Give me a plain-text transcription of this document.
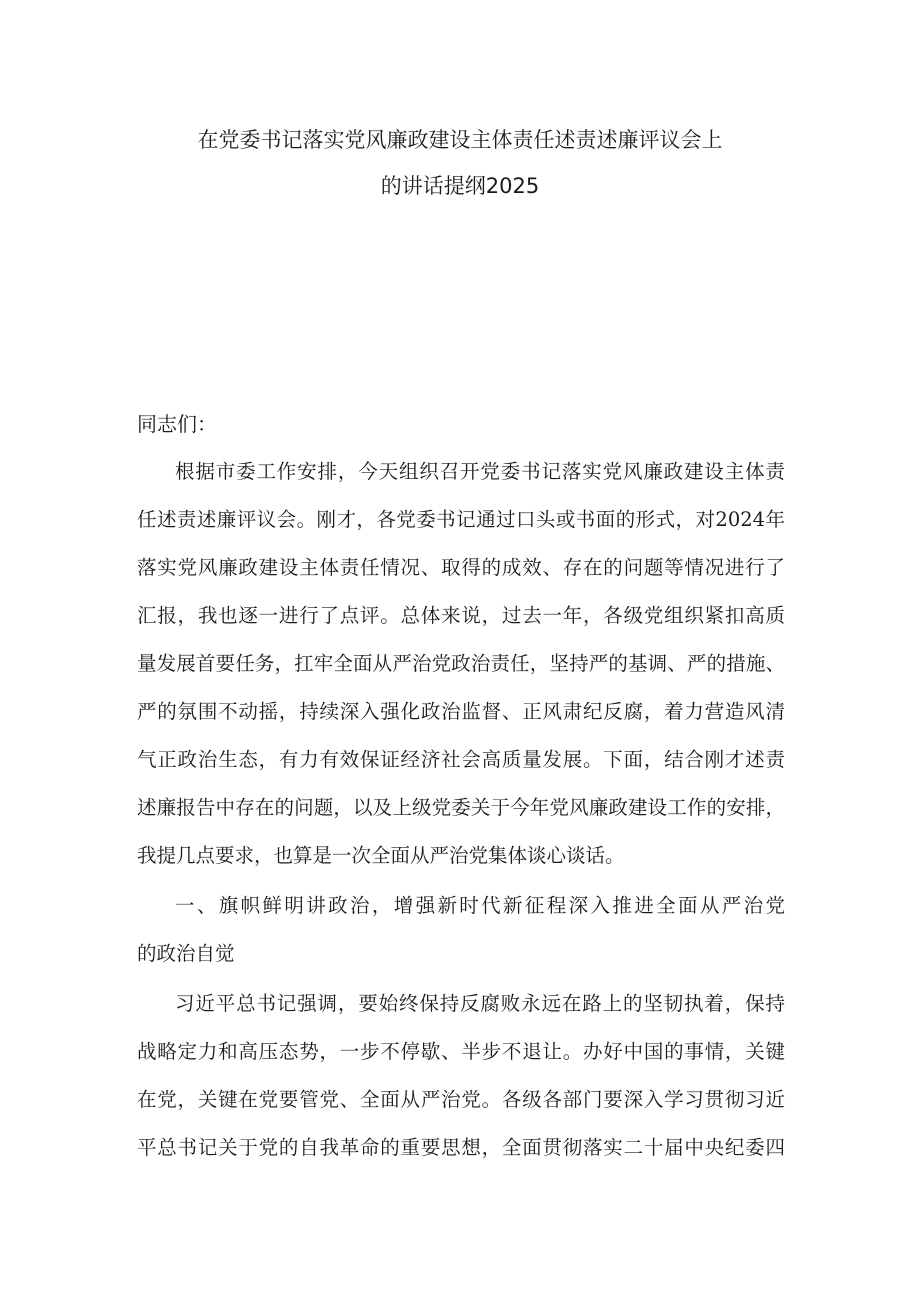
在党委书记落实党风廉政建设主体责任述责述廉评议会上
的讲话提纲2025
同志们：
根据市委工作安排，今天组织召开党委书记落实党风廉政建设主体责
任述责述廉评议会。刚才，各党委书记通过口头或书面的形式，对2024年
落实党风廉政建设主体责任情况、取得的成效、存在的问题等情况进行了
汇报，我也逐一进行了点评。总体来说，过去一年，各级党组织紧扣高质
量发展首要任务，扛牢全面从严治党政治责任，坚持严的基调、严的措施、
严的氛围不动摇，持续深入强化政治监督、正风肃纪反腐，着力营造风清
气正政治生态，有力有效保证经济社会高质量发展。下面，结合刚才述责
述廉报告中存在的问题，以及上级党委关于今年党风廉政建设工作的安排，
我提几点要求，也算是一次全面从严治党集体谈心谈话。
一、旗帜鲜明讲政治，增强新时代新征程深入推进全面从严治党
的政治自觉
习近平总书记强调，要始终保持反腐败永远在路上的坚韧执着，保持
战略定力和高压态势，一步不停歇、半步不退让。办好中国的事情，关键
在党，关键在党要管党、全面从严治党。各级各部门要深入学习贯彻习近
平总书记关于党的自我革命的重要思想，全面贯彻落实二十届中央纪委四
